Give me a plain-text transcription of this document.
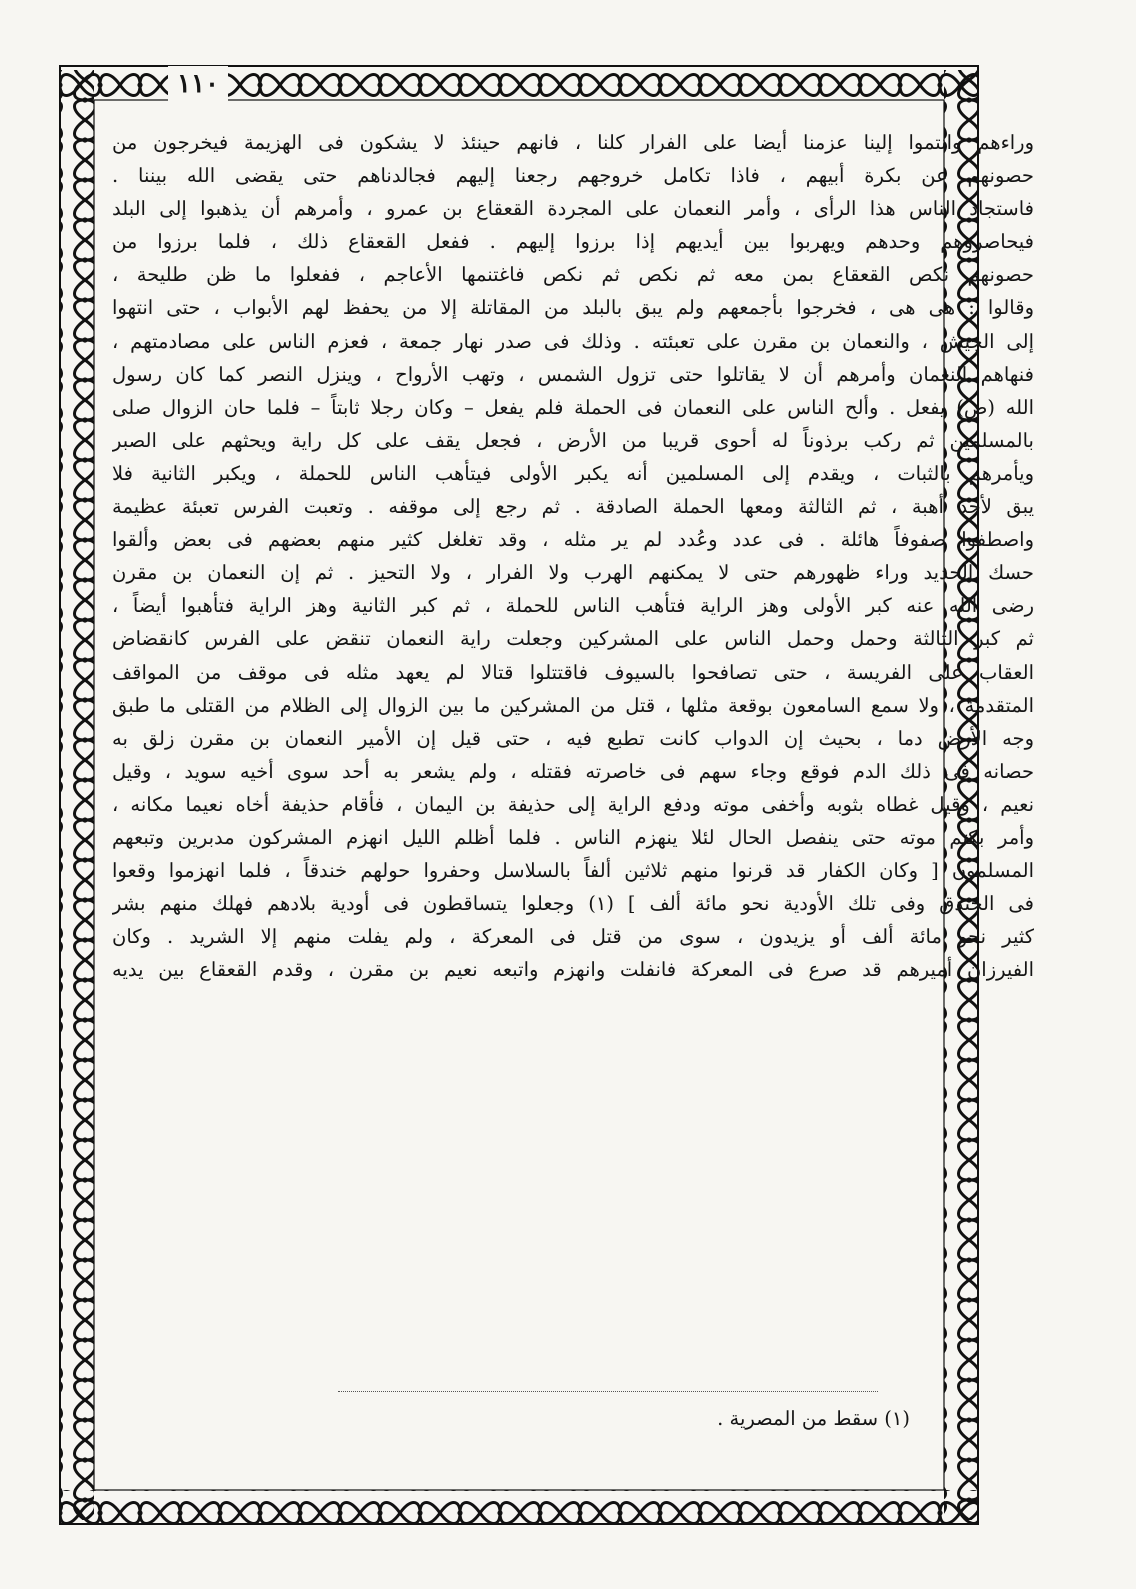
١١٠
وراءهم وانتموا إلينا عزمنا أيضا على الفرار كلنا ، فانهم حينئذ لا يشكون فى الهزيمة فيخرجون من
حصونهم عن بكرة أبيهم ، فاذا تكامل خروجهم رجعنا إليهم فجالدناهم حتى يقضى الله بيننا .
فاستجاد الناس هذا الرأى ، وأمر النعمان على المجردة القعقاع بن عمرو ، وأمرهم أن يذهبوا إلى البلد
فيحاصروهم وحدهم ويهربوا بين أيديهم إذا برزوا إليهم . ففعل القعقاع ذلك ، فلما برزوا من
حصونهم نكص القعقاع بمن معه ثم نكص ثم نكص فاغتنمها الأعاجم ، ففعلوا ما ظن طليحة ،
وقالوا : هى هى ، فخرجوا بأجمعهم ولم يبق بالبلد من المقاتلة إلا من يحفظ لهم الأبواب ، حتى انتهوا
إلى الجيش ، والنعمان بن مقرن على تعبئته . وذلك فى صدر نهار جمعة ، فعزم الناس على مصادمتهم ،
فنهاهم النعمان وأمرهم أن لا يقاتلوا حتى تزول الشمس ، وتهب الأرواح ، وينزل النصر كما كان رسول
الله (ص) يفعل . وألح الناس على النعمان فى الحملة فلم يفعل – وكان رجلا ثابتاً – فلما حان الزوال صلى
بالمسلمين ثم ركب برذوناً له أحوى قريبا من الأرض ، فجعل يقف على كل راية ويحثهم على الصبر
ويأمرهم بالثبات ، ويقدم إلى المسلمين أنه يكبر الأولى فيتأهب الناس للحملة ، ويكبر الثانية فلا
يبق لأحد أهبة ، ثم الثالثة ومعها الحملة الصادقة . ثم رجع إلى موقفه . وتعبت الفرس تعبئة عظيمة
واصطفوا صفوفاً هائلة . فى عدد وعُدد لم ير مثله ، وقد تغلغل كثير منهم بعضهم فى بعض وألقوا
حسك الحديد وراء ظهورهم حتى لا يمكنهم الهرب ولا الفرار ، ولا التحيز . ثم إن النعمان بن مقرن
رضى الله عنه كبر الأولى وهز الراية فتأهب الناس للحملة ، ثم كبر الثانية وهز الراية فتأهبوا أيضاً ،
ثم كبر الثالثة وحمل وحمل الناس على المشركين وجعلت راية النعمان تنقض على الفرس كانقضاض
العقاب على الفريسة ، حتى تصافحوا بالسيوف فاقتتلوا قتالا لم يعهد مثله فى موقف من المواقف
المتقدمة ، ولا سمع السامعون بوقعة مثلها ، قتل من المشركين ما بين الزوال إلى الظلام من القتلى ما طبق
وجه الأرض دما ، بحيث إن الدواب كانت تطبع فيه ، حتى قيل إن الأمير النعمان بن مقرن زلق به
حصانه فى ذلك الدم فوقع وجاء سهم فى خاصرته فقتله ، ولم يشعر به أحد سوى أخيه سويد ، وقيل
نعيم ، وقيل غطاه بثوبه وأخفى موته ودفع الراية إلى حذيفة بن اليمان ، فأقام حذيفة أخاه نعيما مكانه ،
وأمر بكتم موته حتى ينفصل الحال لئلا ينهزم الناس . فلما أظلم الليل انهزم المشركون مدبرين وتبعهم
المسلمون [ وكان الكفار قد قرنوا منهم ثلاثين ألفاً بالسلاسل وحفروا حولهم خندقاً ، فلما انهزموا وقعوا
فى الخندق وفى تلك الأودية نحو مائة ألف ] (١) وجعلوا يتساقطون فى أودية بلادهم فهلك منهم بشر
كثير نحو مائة ألف أو يزيدون ، سوى من قتل فى المعركة ، ولم يفلت منهم إلا الشريد . وكان
الفيرزان أميرهم قد صرع فى المعركة فانفلت وانهزم واتبعه نعيم بن مقرن ، وقدم القعقاع بين يديه
(١) سقط من المصرية .
